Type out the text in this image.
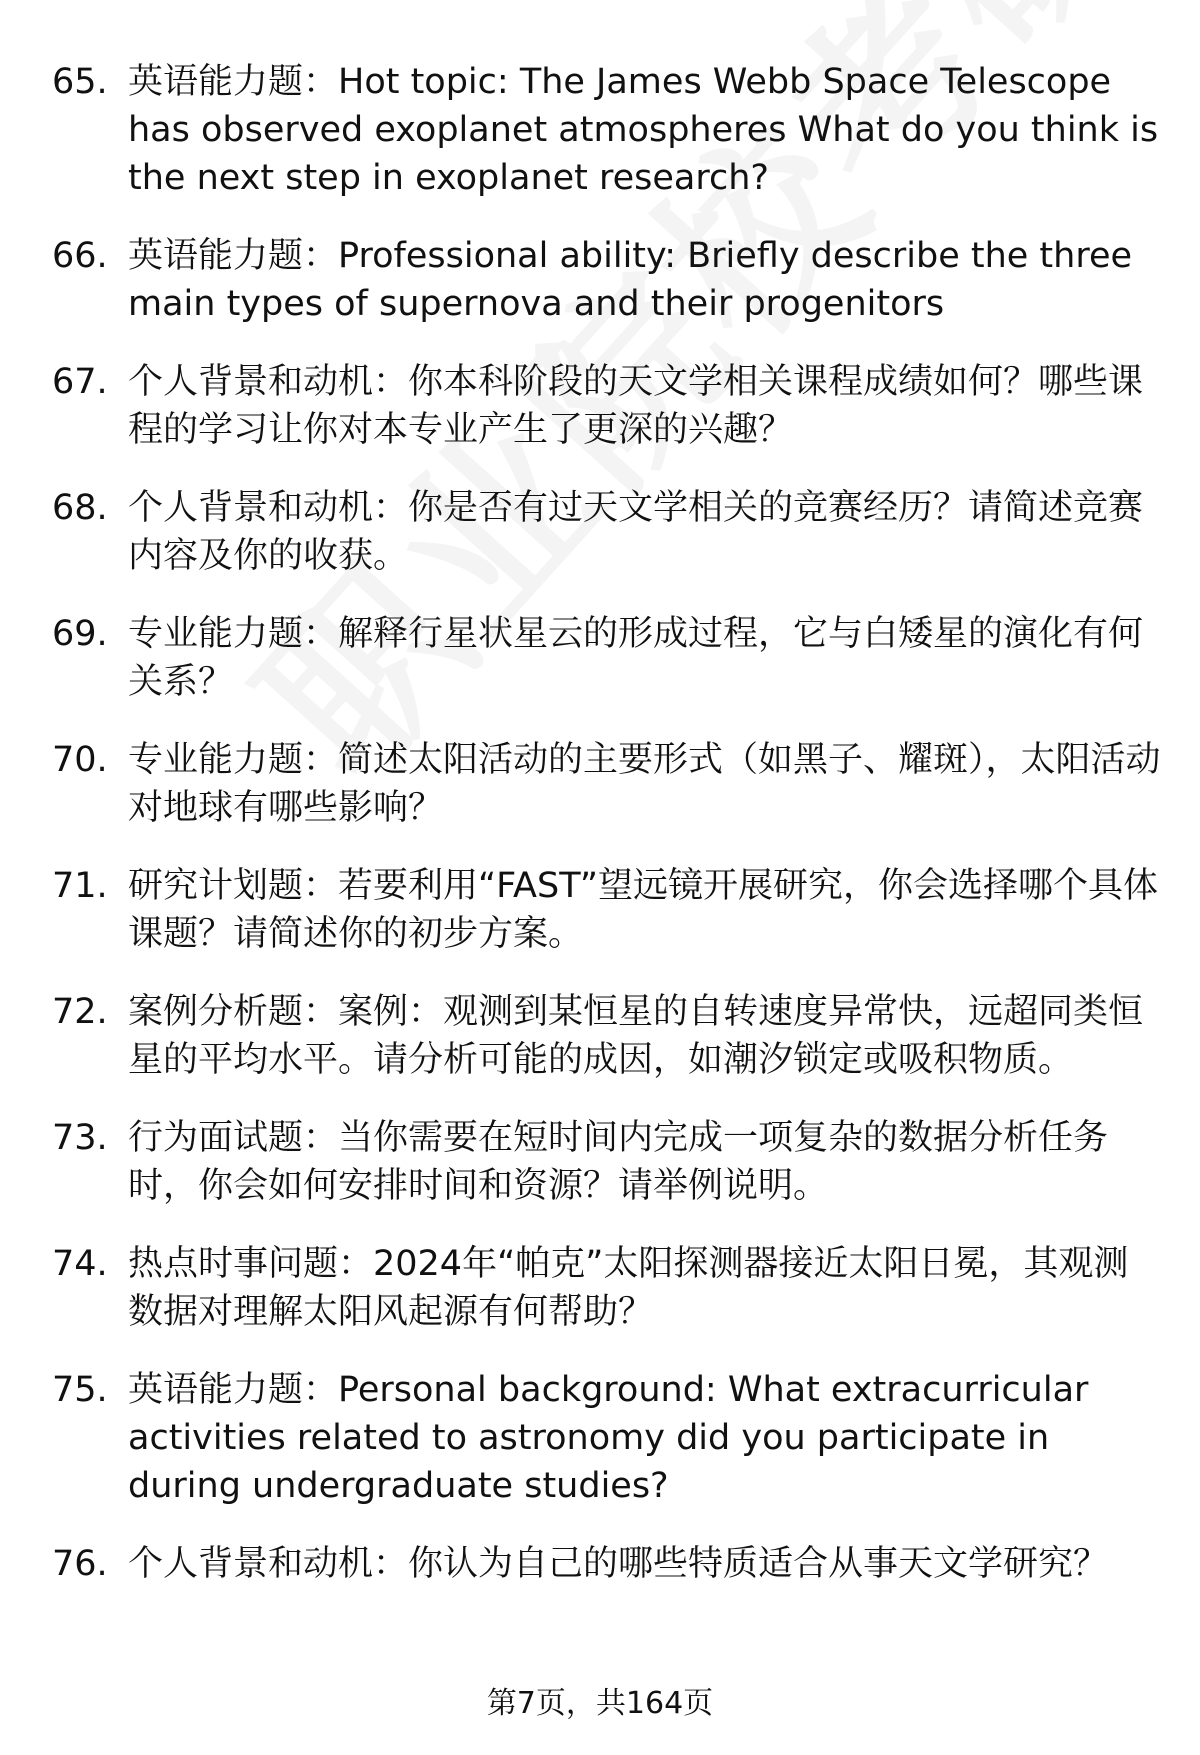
65. 英语能力题：Hot topic: The James Webb Space Telescope has observed exoplanet atmospheres What do you think is the next step in exoplanet research?
66. 英语能力题：Professional ability: Briefly describe the three main types of supernova and their progenitors
67. 个人背景和动机：你本科阶段的天文学相关课程成绩如何？哪些课程的学习让你对本专业产生了更深的兴趣？
68. 个人背景和动机：你是否有过天文学相关的竞赛经历？请简述竞赛内容及你的收获。
69. 专业能力题：解释行星状星云的形成过程，它与白矮星的演化有何关系？
70. 专业能力题：简述太阳活动的主要形式（如黑子、耀斑），太阳活动对地球有哪些影响？
71. 研究计划题：若要利用“FAST”望远镜开展研究，你会选择哪个具体课题？请简述你的初步方案。
72. 案例分析题：案例：观测到某恒星的自转速度异常快，远超同类恒星的平均水平。请分析可能的成因，如潮汐锁定或吸积物质。
73. 行为面试题：当你需要在短时间内完成一项复杂的数据分析任务时，你会如何安排时间和资源？请举例说明。
74. 热点时事问题：2024年“帕克”太阳探测器接近太阳日冕，其观测数据对理解太阳风起源有何帮助？
75. 英语能力题：Personal background: What extracurricular activities related to astronomy did you participate in during undergraduate studies?
76. 个人背景和动机：你认为自己的哪些特质适合从事天文学研究？
第7页，共164页
